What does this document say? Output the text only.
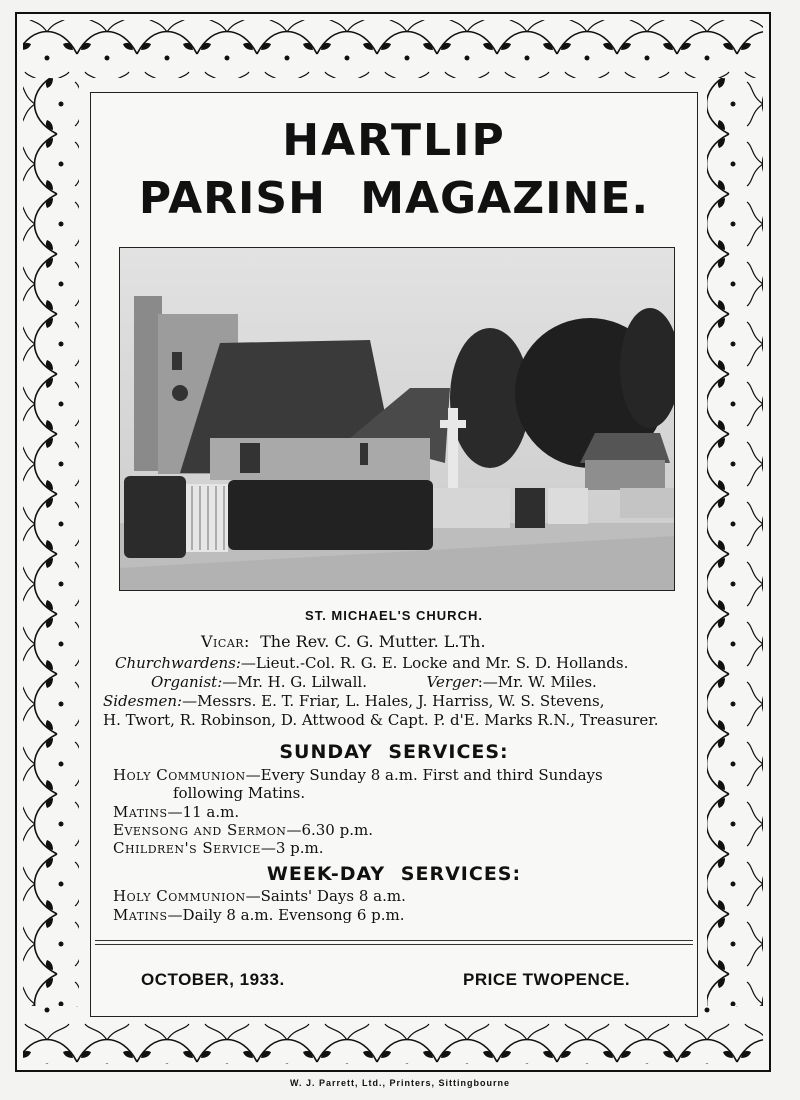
HARTLIP
PARISH MAGAZINE.
ST. MICHAEL'S CHURCH.
Vicar: The Rev. C. G. Mutter. L.Th.
Churchwardens:—Lieut.-Col. R. G. E. Locke and Mr. S. D. Hollands.
Organist:—Mr. H. G. Lilwall.	Verger:—Mr. W. Miles.
Sidesmen:—Messrs. E. T. Friar, L. Hales, J. Harriss, W. S. Stevens,
H. Twort, R. Robinson, D. Attwood & Capt. P. d'E. Marks R.N., Treasurer.
SUNDAY SERVICES:
Holy Communion—Every Sunday 8 a.m. First and third Sundays
following Matins.
Matins—11 a.m.
Evensong and Sermon—6.30 p.m.
Children's Service—3 p.m.
WEEK-DAY SERVICES:
Holy Communion—Saints' Days 8 a.m.
Matins—Daily 8 a.m. Evensong 6 p.m.
OCTOBER, 1933.	PRICE TWOPENCE.
W. J. Parrett, Ltd., Printers, Sittingbourne
